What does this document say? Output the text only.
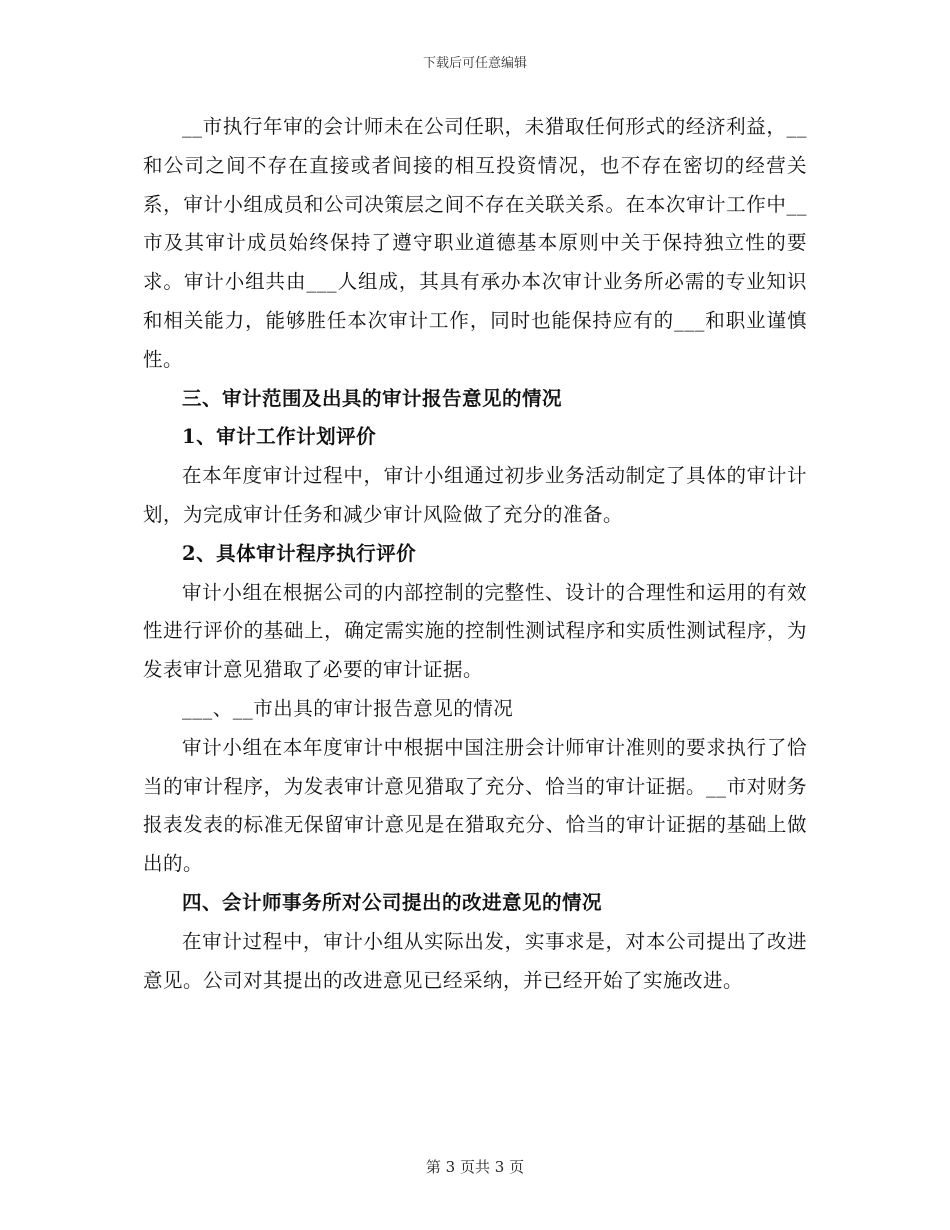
下载后可任意编辑

__市执行年审的会计师未在公司任职，未猎取任何形式的经济利益，__和公司之间不存在直接或者间接的相互投资情况，也不存在密切的经营关系，审计小组成员和公司决策层之间不存在关联关系。在本次审计工作中__市及其审计成员始终保持了遵守职业道德基本原则中关于保持独立性的要求。审计小组共由___人组成，其具有承办本次审计业务所必需的专业知识和相关能力，能够胜任本次审计工作，同时也能保持应有的___和职业谨慎性。

三、审计范围及出具的审计报告意见的情况

1、审计工作计划评价

在本年度审计过程中，审计小组通过初步业务活动制定了具体的审计计划，为完成审计任务和减少审计风险做了充分的准备。

2、具体审计程序执行评价

审计小组在根据公司的内部控制的完整性、设计的合理性和运用的有效性进行评价的基础上，确定需实施的控制性测试程序和实质性测试程序，为发表审计意见猎取了必要的审计证据。

___、__市出具的审计报告意见的情况

审计小组在本年度审计中根据中国注册会计师审计准则的要求执行了恰当的审计程序，为发表审计意见猎取了充分、恰当的审计证据。__市对财务报表发表的标准无保留审计意见是在猎取充分、恰当的审计证据的基础上做出的。

四、会计师事务所对公司提出的改进意见的情况

在审计过程中，审计小组从实际出发，实事求是，对本公司提出了改进意见。公司对其提出的改进意见已经采纳，并已经开始了实施改进。

第 3 页共 3 页
